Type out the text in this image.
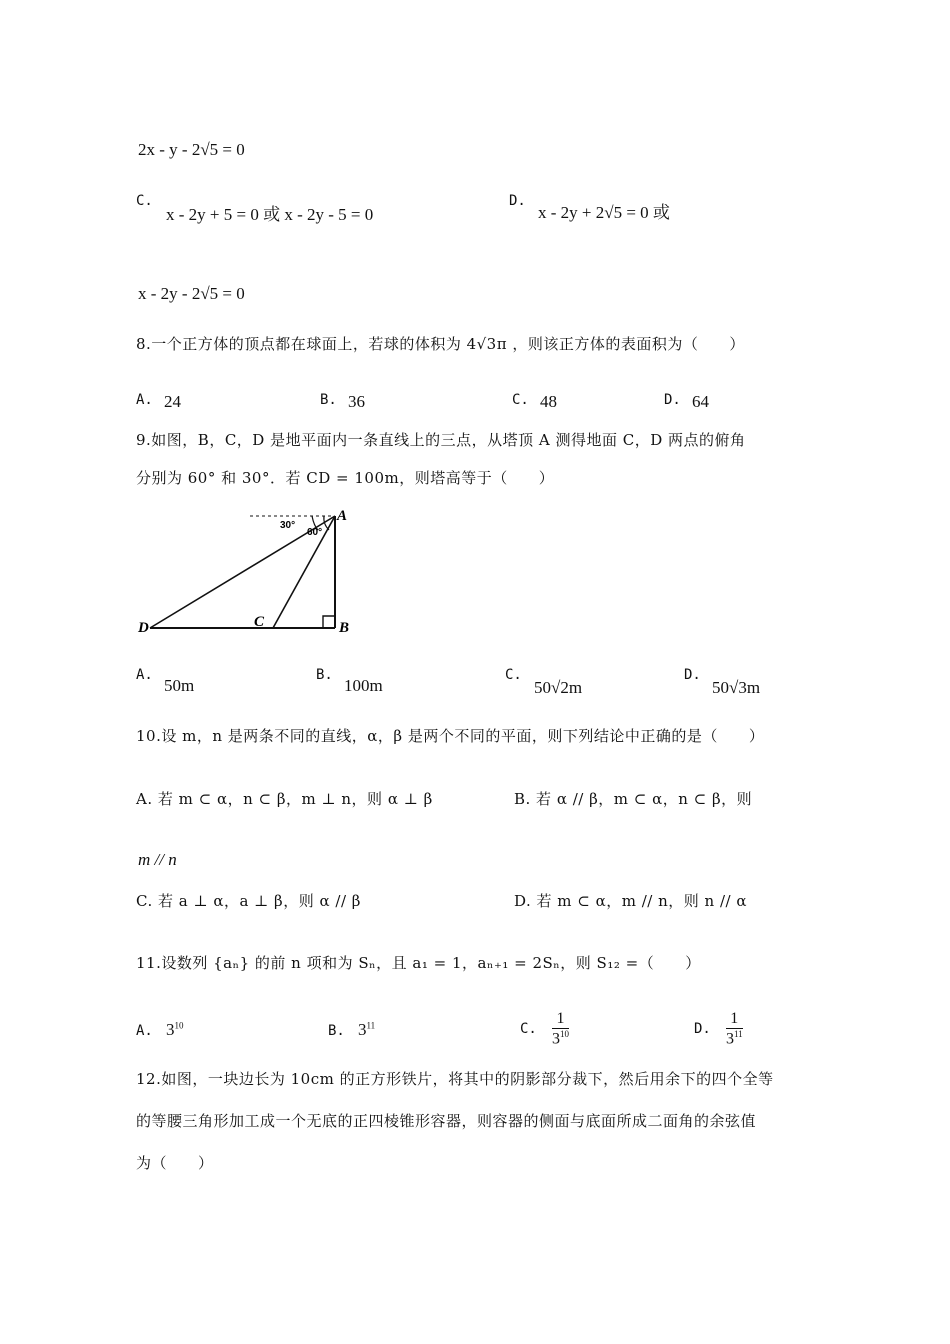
2x - y - 2√5 = 0
C.
x - 2y + 5 = 0 或 x - 2y - 5 = 0
D.
x - 2y + 2√5 = 0 或
x - 2y - 2√5 = 0
8.一个正方体的顶点都在球面上，若球的体积为 4√3π ，则该正方体的表面积为（　　）
A. 24	B. 36	C. 48	D. 64
9.如图，B，C，D 是地平面内一条直线上的三点，从塔顶 A 测得地面 C，D 两点的俯角
分别为 60° 和 30°．若 CD = 100m，则塔高等于（　　）
30°
60°
A
B
C
D
A.
50m
B.
100m
C.
50√2m
D.
50√3m
10.设 m，n 是两条不同的直线，α，β 是两个不同的平面，则下列结论中正确的是（　　）
A. 若 m ⊂ α，n ⊂ β，m ⊥ n，则 α ⊥ β	B. 若 α // β，m ⊂ α，n ⊂ β，则
m // n
C. 若 a ⊥ α，a ⊥ β，则 α // β	D. 若 m ⊂ α，m // n，则 n // α
11.设数列 {aₙ} 的前 n 项和为 Sₙ，且 a₁ = 1，aₙ₊₁ = 2Sₙ，则 S₁₂ =（　　）
A. $3^{10}$	B. $3^{11}$	C. $\frac{1}{3^{10}}$	D. $\frac{1}{3^{11}}$
12.如图，一块边长为 10cm 的正方形铁片，将其中的阴影部分裁下，然后用余下的四个全等
的等腰三角形加工成一个无底的正四棱锥形容器，则容器的侧面与底面所成二面角的余弦值
为（　　）
